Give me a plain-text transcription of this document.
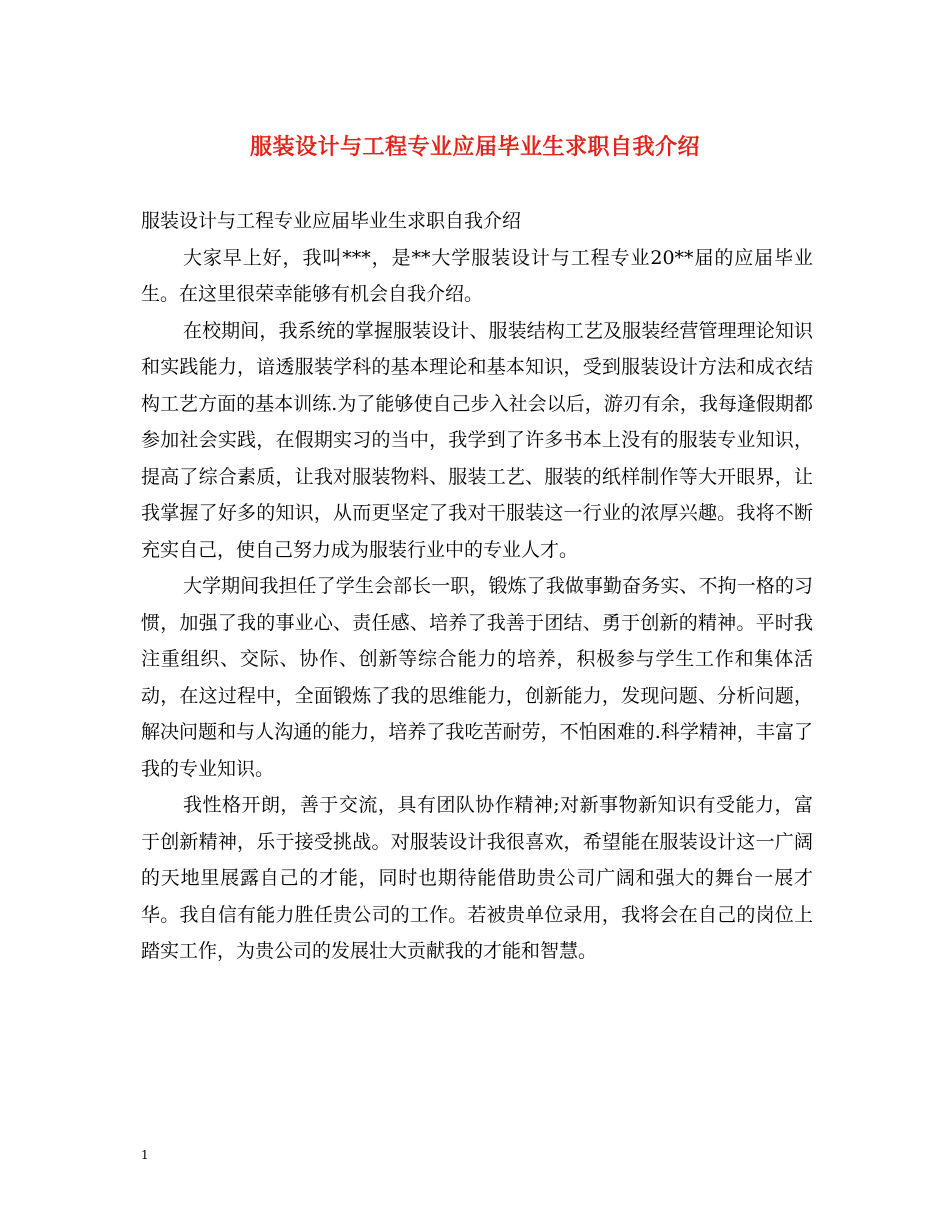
服装设计与工程专业应届毕业生求职自我介绍

服装设计与工程专业应届毕业生求职自我介绍

大家早上好，我叫***，是**大学服装设计与工程专业20**届的应届毕业生。在这里很荣幸能够有机会自我介绍。

在校期间，我系统的掌握服装设计、服装结构工艺及服装经营管理理论知识和实践能力，谙透服装学科的基本理论和基本知识，受到服装设计方法和成衣结构工艺方面的基本训练.为了能够使自己步入社会以后，游刃有余，我每逢假期都参加社会实践，在假期实习的当中，我学到了许多书本上没有的服装专业知识，提高了综合素质，让我对服装物料、服装工艺、服装的纸样制作等大开眼界，让我掌握了好多的知识，从而更坚定了我对干服装这一行业的浓厚兴趣。我将不断充实自己，使自己努力成为服装行业中的专业人才。

大学期间我担任了学生会部长一职，锻炼了我做事勤奋务实、不拘一格的习惯，加强了我的事业心、责任感、培养了我善于团结、勇于创新的精神。平时我注重组织、交际、协作、创新等综合能力的培养，积极参与学生工作和集体活动，在这过程中，全面锻炼了我的思维能力，创新能力，发现问题、分析问题，解决问题和与人沟通的能力，培养了我吃苦耐劳，不怕困难的.科学精神，丰富了我的专业知识。

我性格开朗，善于交流，具有团队协作精神;对新事物新知识有受能力，富于创新精神，乐于接受挑战。对服装设计我很喜欢，希望能在服装设计这一广阔的天地里展露自己的才能，同时也期待能借助贵公司广阔和强大的舞台一展才华。我自信有能力胜任贵公司的工作。若被贵单位录用，我将会在自己的岗位上踏实工作，为贵公司的发展壮大贡献我的才能和智慧。

1
